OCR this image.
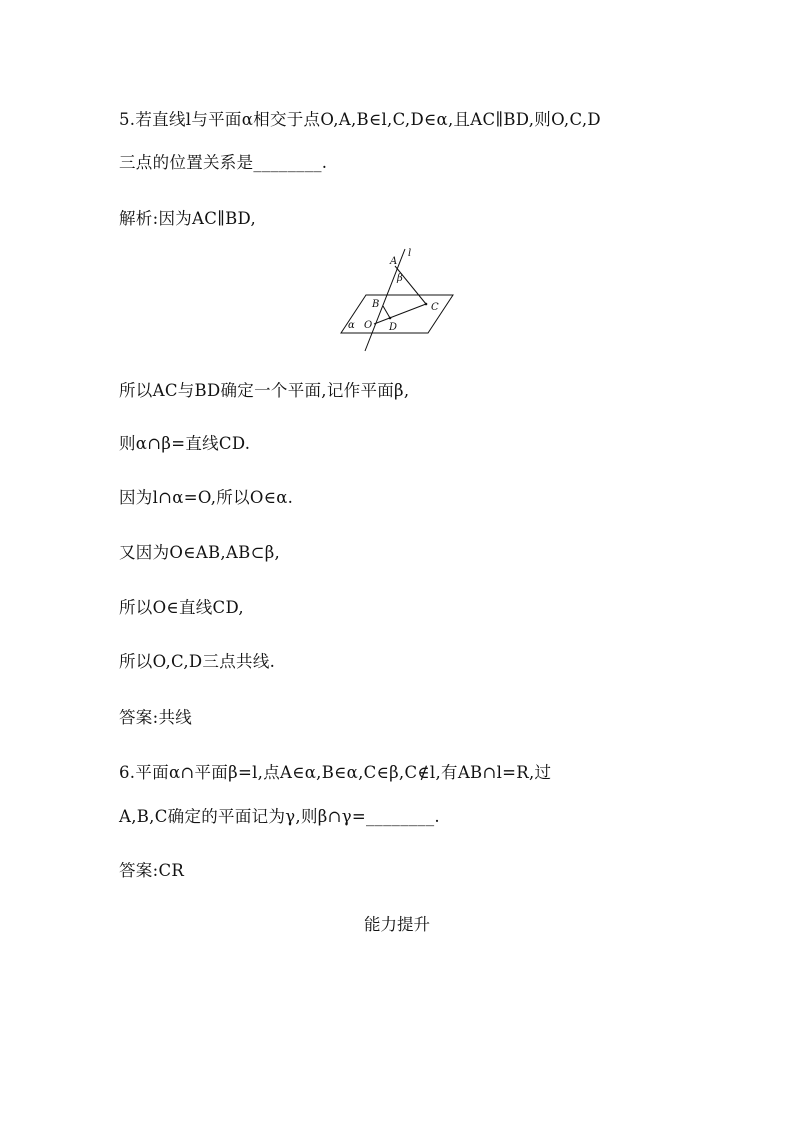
5.若直线l与平面α相交于点O,A,B∈l,C,D∈α,且AC∥BD,则O,C,D
三点的位置关系是________.
解析:因为AC∥BD,
A
l
β
B	C
α O D
所以AC与BD确定一个平面,记作平面β,
则α∩β=直线CD.
因为l∩α=O,所以O∈α.
又因为O∈AB,AB⊂β,
所以O∈直线CD,
所以O,C,D三点共线.
答案:共线
6.平面α∩平面β=l,点A∈α,B∈α,C∈β,C∉l,有AB∩l=R,过
A,B,C确定的平面记为γ,则β∩γ=________.
答案:CR
能力提升
